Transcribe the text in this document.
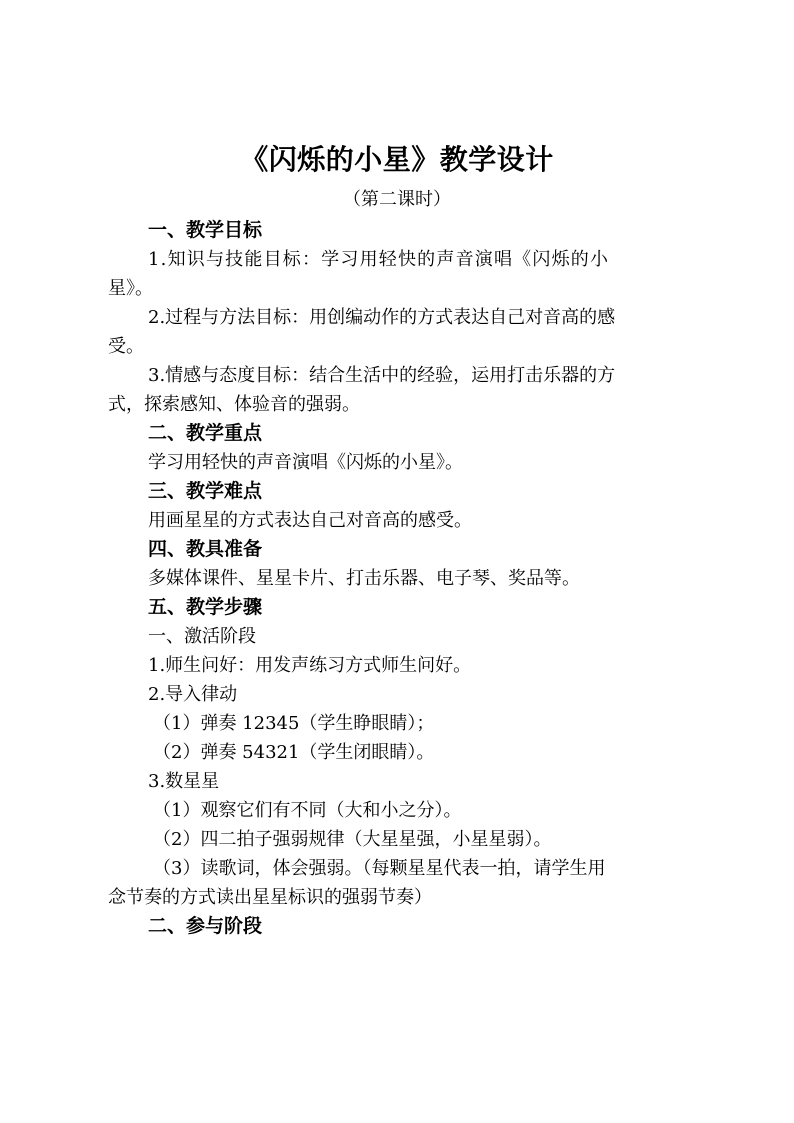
《闪烁的小星》教学设计
（第二课时）
一、教学目标
1.知识与技能目标：学习用轻快的声音演唱《闪烁的小
星》。
2.过程与方法目标：用创编动作的方式表达自己对音高的感
受。
3.情感与态度目标：结合生活中的经验，运用打击乐器的方
式，探索感知、体验音的强弱。
二、教学重点
学习用轻快的声音演唱《闪烁的小星》。
三、教学难点
用画星星的方式表达自己对音高的感受。
四、教具准备
多媒体课件、星星卡片、打击乐器、电子琴、奖品等。
五、教学步骤
一、激活阶段
1.师生问好：用发声练习方式师生问好。
2.导入律动
（1）弹奏 12345（学生睁眼睛）；
（2）弹奏 54321（学生闭眼睛）。
3.数星星
（1）观察它们有不同（大和小之分）。
（2）四二拍子强弱规律（大星星强，小星星弱）。
（3）读歌词，体会强弱。（每颗星星代表一拍，请学生用
念节奏的方式读出星星标识的强弱节奏）
二、参与阶段
